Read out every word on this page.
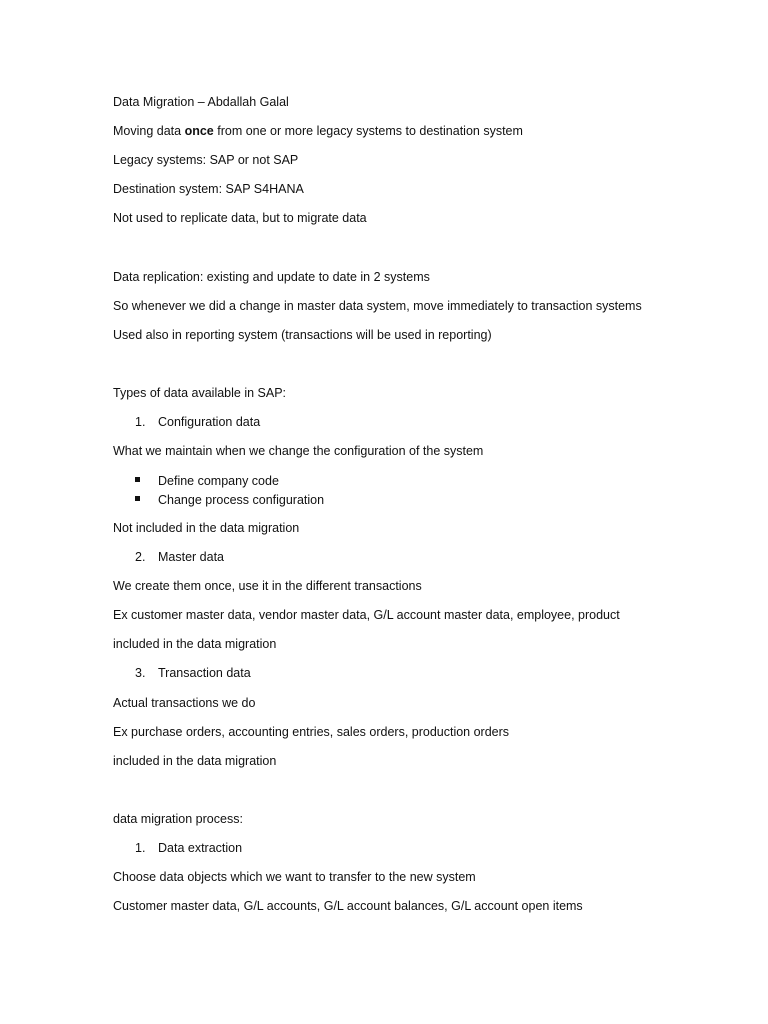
Data Migration – Abdallah Galal
Moving data once from one or more legacy systems to destination system
Legacy systems: SAP or not SAP
Destination system: SAP S4HANA
Not used to replicate data, but to migrate data
Data replication: existing and update to date in 2 systems
So whenever we did a change in master data system, move immediately to transaction systems
Used also in reporting system (transactions will be used in reporting)
Types of data available in SAP:
1. Configuration data
What we maintain when we change the configuration of the system
Define company code
Change process configuration
Not included in the data migration
2. Master data
We create them once, use it in the different transactions
Ex customer master data, vendor master data, G/L account master data, employee, product
included in the data migration
3. Transaction data
Actual transactions we do
Ex purchase orders, accounting entries, sales orders, production orders
included in the data migration
data migration process:
1. Data extraction
Choose data objects which we want to transfer to the new system
Customer master data, G/L accounts, G/L account balances, G/L account open items
